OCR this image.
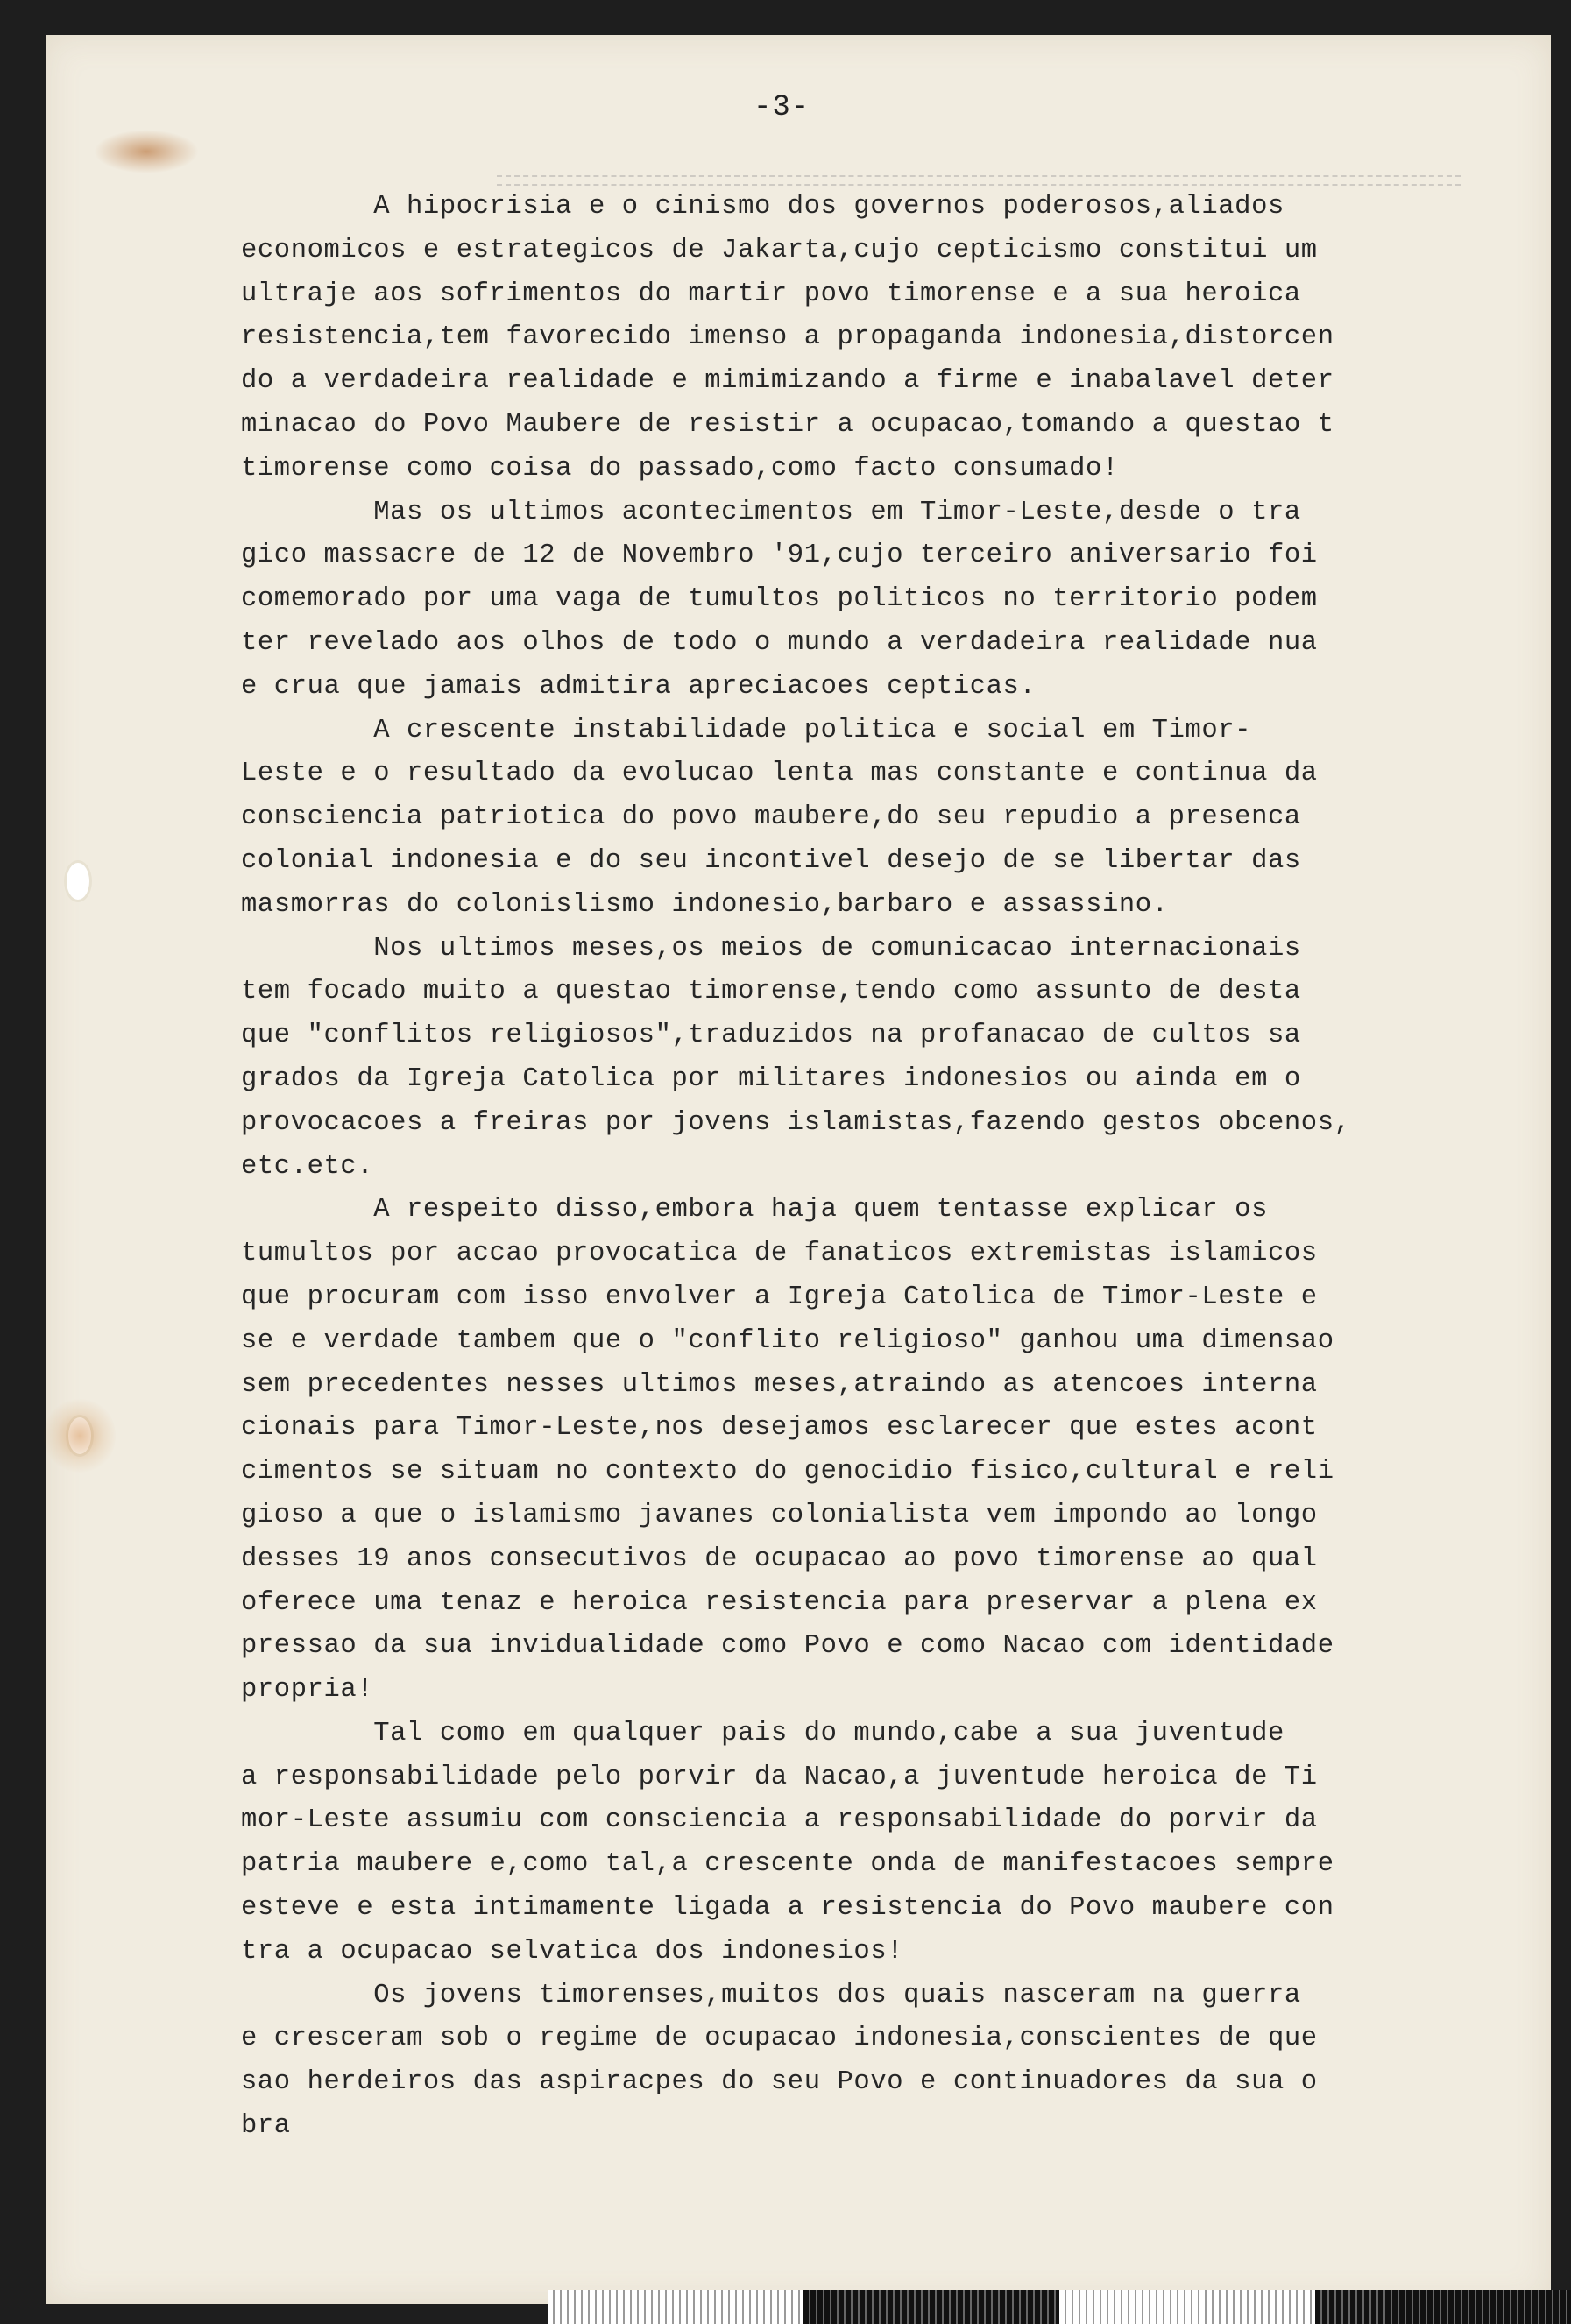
-3-
A hipocrisia e o cinismo dos governos poderosos,aliados
economicos e estrategicos de Jakarta,cujo cepticismo constitui um
ultraje aos sofrimentos do martir povo timorense e a sua heroica
resistencia,tem favorecido imenso a propaganda indonesia,distorcen
do a verdadeira realidade e mimimizando a firme e inabalavel deter
minacao do Povo Maubere de resistir a ocupacao,tomando a questao t
timorense como coisa do passado,como facto consumado!
Mas os ultimos acontecimentos em Timor-Leste,desde o tra
gico massacre de 12 de Novembro '91,cujo terceiro aniversario foi
comemorado por uma vaga de tumultos politicos no territorio podem
ter revelado aos olhos de todo o mundo a verdadeira realidade nua
e crua que jamais admitira apreciacoes cepticas.
A crescente instabilidade politica e social em Timor-
Leste e o resultado da evolucao lenta mas constante e continua da
consciencia patriotica do povo maubere,do seu repudio a presenca
colonial indonesia e do seu incontivel desejo de se libertar das
masmorras do colonislismo indonesio,barbaro e assassino.
Nos ultimos meses,os meios de comunicacao internacionais
tem focado muito a questao timorense,tendo como assunto de desta
que "conflitos religiosos",traduzidos na profanacao de cultos sa
grados da Igreja Catolica por militares indonesios ou ainda em o
provocacoes a freiras por jovens islamistas,fazendo gestos obcenos,
etc.etc.
A respeito disso,embora haja quem tentasse explicar os
tumultos por accao provocatica de fanaticos extremistas islamicos
que procuram com isso envolver a Igreja Catolica de Timor-Leste e
se e verdade tambem que o "conflito religioso" ganhou uma dimensao
sem precedentes nesses ultimos meses,atraindo as atencoes interna
cionais para Timor-Leste,nos desejamos esclarecer que estes acont
cimentos se situam no contexto do genocidio fisico,cultural e reli
gioso a que o islamismo javanes colonialista vem impondo ao longo
desses 19 anos consecutivos de ocupacao ao povo timorense ao qual
oferece uma tenaz e heroica resistencia para preservar a plena ex
pressao da sua invidualidade como Povo e como Nacao com identidade
propria!
Tal como em qualquer pais do mundo,cabe a sua juventude
a responsabilidade pelo porvir da Nacao,a juventude heroica de Ti
mor-Leste assumiu com consciencia a responsabilidade do porvir da
patria maubere e,como tal,a crescente onda de manifestacoes sempre
esteve e esta intimamente ligada a resistencia do Povo maubere con
tra a ocupacao selvatica dos indonesios!
Os jovens timorenses,muitos dos quais nasceram na guerra
e cresceram sob o regime de ocupacao indonesia,conscientes de que
sao herdeiros das aspiracpes do seu Povo e continuadores da sua o
bra
